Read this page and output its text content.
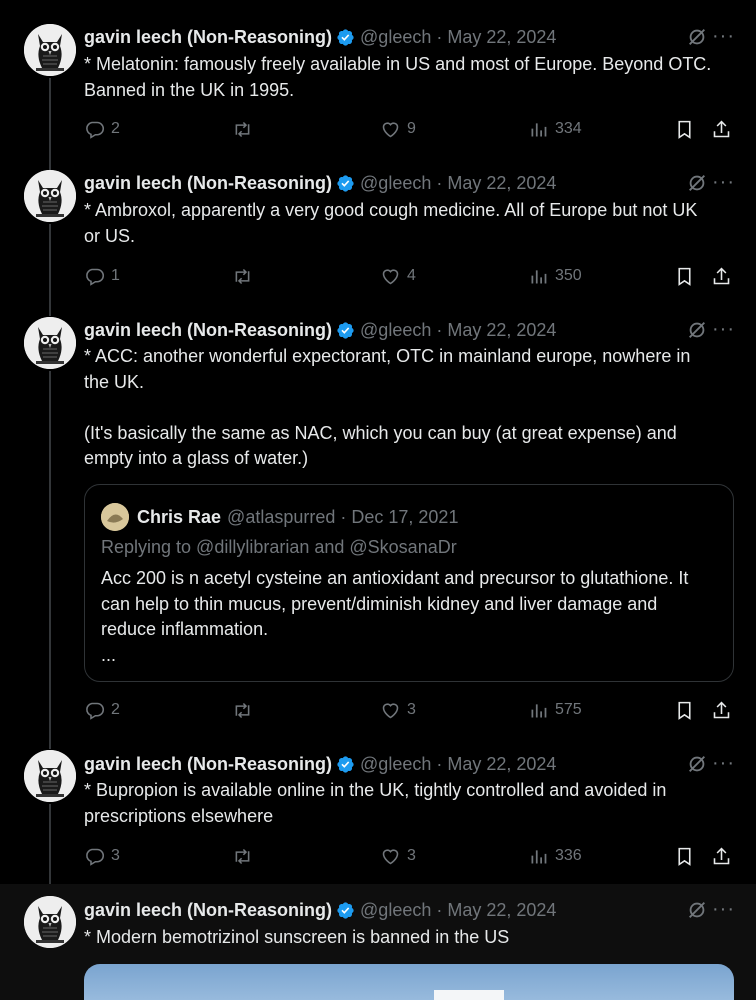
gavin leech (Non-Reasoning) @gleech · May 22, 2024	···
* Melatonin: famously freely available in US and most of Europe. Beyond OTC.
Banned in the UK in 1995.
2	9	334
gavin leech (Non-Reasoning) @gleech · May 22, 2024	···
* Ambroxol, apparently a very good cough medicine. All of Europe but not UK
or US.
1	4	350
gavin leech (Non-Reasoning) @gleech · May 22, 2024	···
* ACC: another wonderful expectorant, OTC in mainland europe, nowhere in
the UK.

(It's basically the same as NAC, which you can buy (at great expense) and
empty into a glass of water.)
Chris Rae @atlaspurred · Dec 17, 2021
Replying to @dillylibrarian and @SkosanaDr
Acc 200 is n acetyl cysteine an antioxidant and precursor to glutathione. It
can help to thin mucus, prevent/diminish kidney and liver damage and
reduce inflammation.
...
2	3	575
gavin leech (Non-Reasoning) @gleech · May 22, 2024	···
* Bupropion is available online in the UK, tightly controlled and avoided in
prescriptions elsewhere
3	3	336
gavin leech (Non-Reasoning) @gleech · May 22, 2024	···
* Modern bemotrizinol sunscreen is banned in the US
